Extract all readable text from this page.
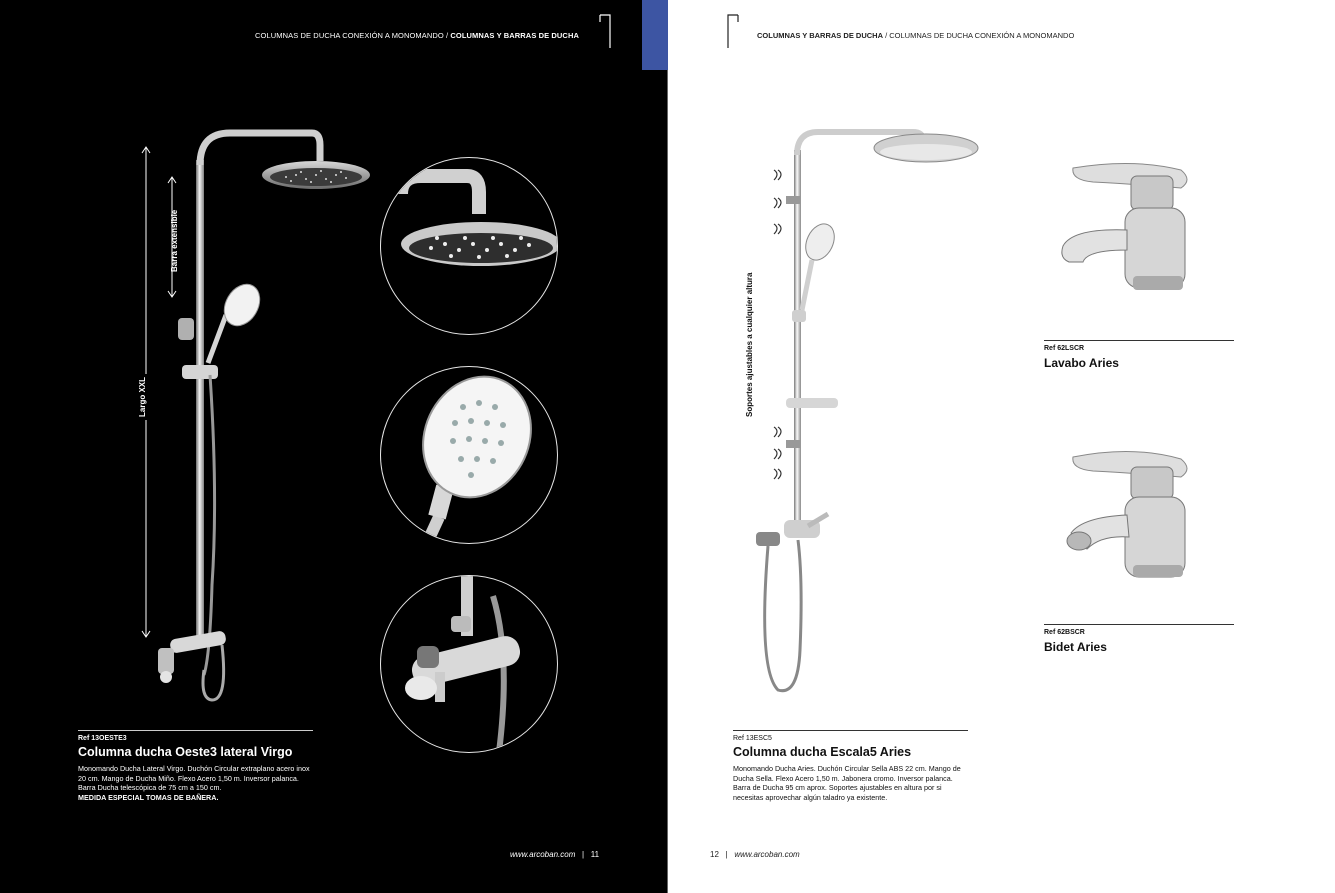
COLUMNAS DE DUCHA CONEXIÓN A MONOMANDO / COLUMNAS Y BARRAS DE DUCHA
Barra extensible
Largo XXL
Ref 13OESTE3
Columna ducha Oeste3 lateral Virgo
Monomando Ducha Lateral Virgo. Duchón Circular extraplano acero inox 20 cm. Mango de Ducha Miño. Flexo Acero 1,50 m. Inversor palanca. Barra Ducha telescópica de 75 cm a 150 cm.
MEDIDA ESPECIAL TOMAS DE BAÑERA.
www.arcoban.com | 11
COLUMNAS Y BARRAS DE DUCHA / COLUMNAS DE DUCHA CONEXIÓN A MONOMANDO
Soportes ajustables a cualquier altura	Ref 62LSCR
Lavabo Aries
Ref 62BSCR
Bidet Aries
Ref 13ESC5
Columna ducha Escala5 Aries
Monomando Ducha Aries. Duchón Circular Sella ABS 22 cm. Mango de Ducha Sella. Flexo Acero 1,50 m. Jabonera cromo. Inversor palanca. Barra de Ducha 95 cm aprox. Soportes ajustables en altura por si necesitas aprovechar algún taladro ya existente.
12 | www.arcoban.com
